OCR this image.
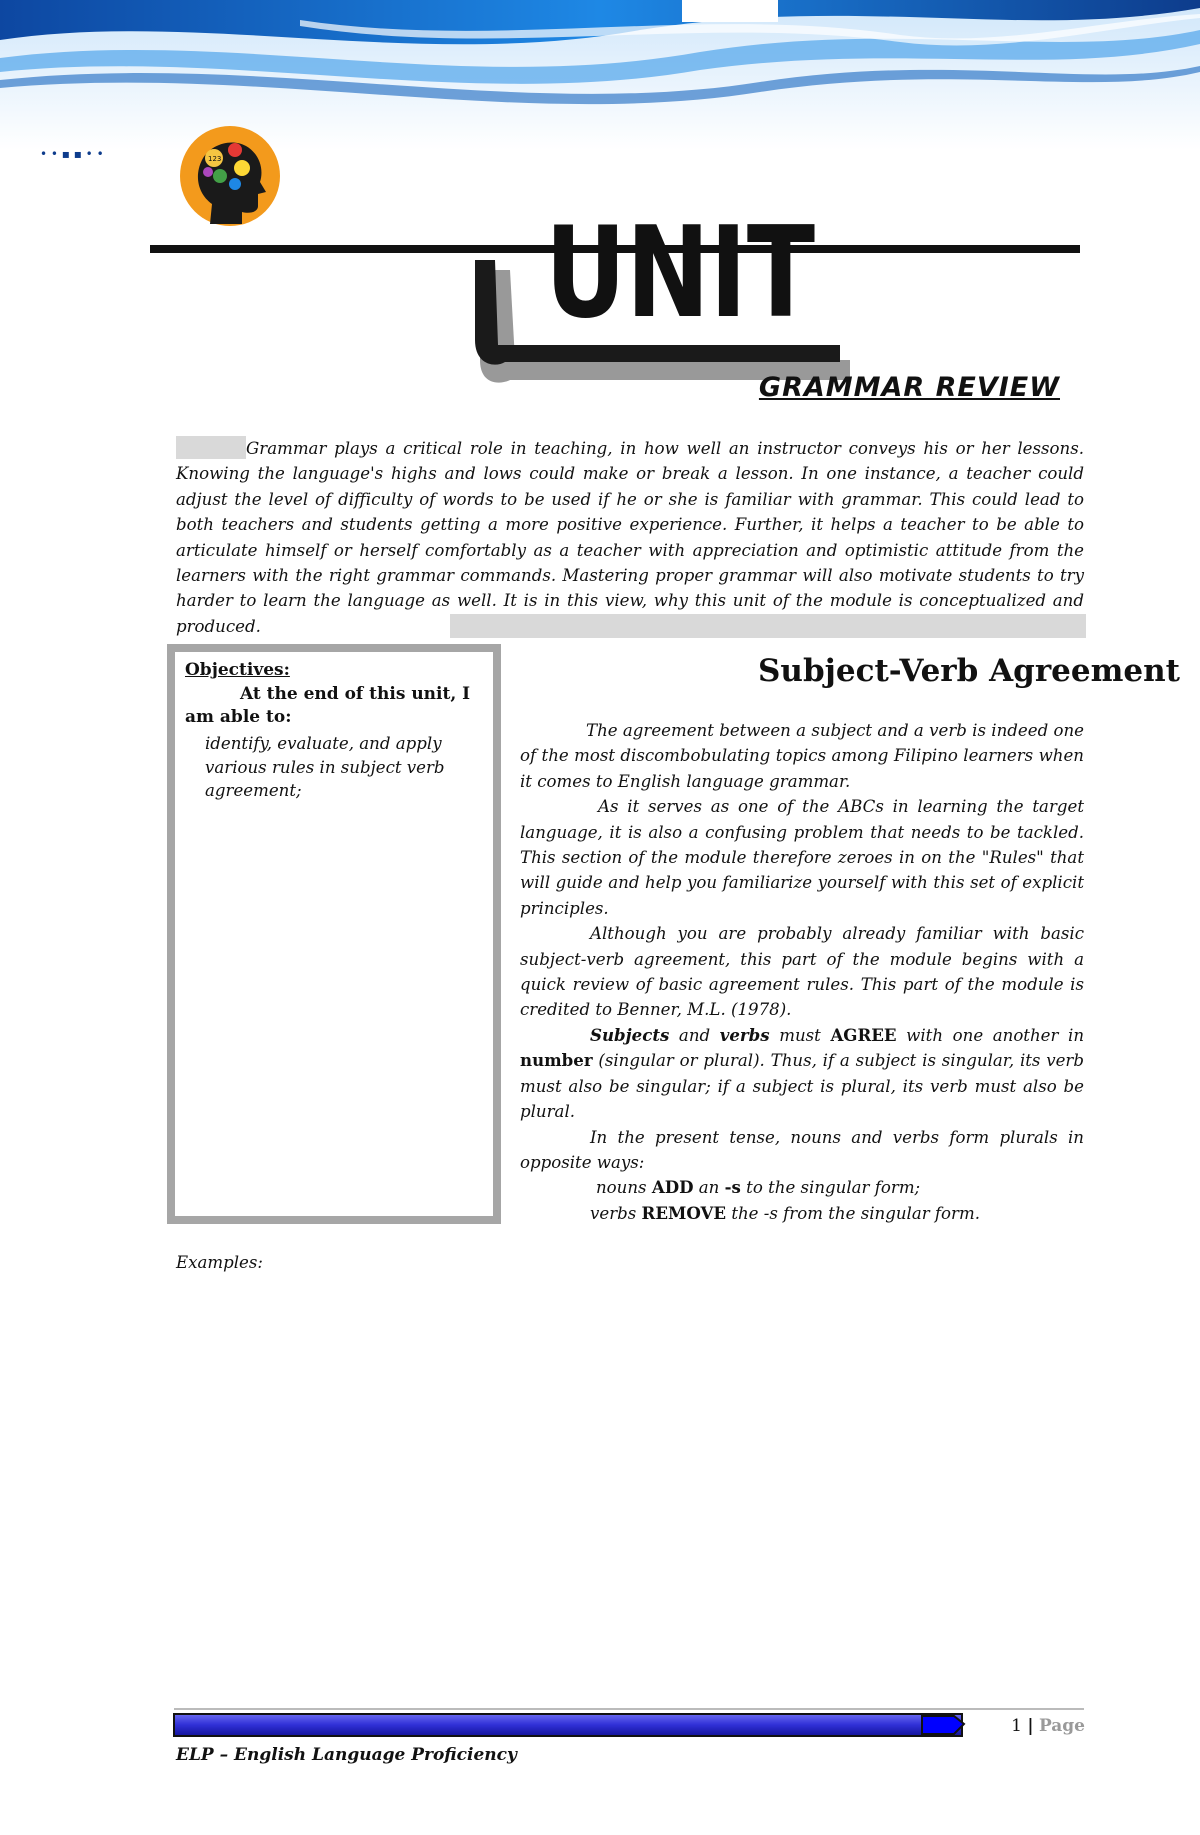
• • ▪ ▪ • •	123
UNIT
GRAMMAR REVIEW

Grammar plays a critical role in teaching, in how well an instructor conveys his or her lessons. Knowing the language's highs and lows could make or break a lesson. In one instance, a teacher could adjust the level of difficulty of words to be used if he or she is familiar with grammar. This could lead to both teachers and students getting a more positive experience. Further, it helps a teacher to be able to articulate himself or herself comfortably as a teacher with appreciation and optimistic attitude from the learners with the right grammar commands. Mastering proper grammar will also motivate students to try harder to learn the language as well. It is in this view, why this unit of the module is conceptualized and produced.

Objectives:
At the end of this unit, I am able to:
identify, evaluate, and apply various rules in subject verb agreement;
Subject-Verb Agreement

The agreement between a subject and a verb is indeed one of the most discombobulating topics among Filipino learners when it comes to English language grammar.

As it serves as one of the ABCs in learning the target language, it is also a confusing problem that needs to be tackled. This section of the module therefore zeroes in on the "Rules" that will guide and help you familiarize yourself with this set of explicit principles.

Although you are probably already familiar with basic subject-verb agreement, this part of the module begins with a quick review of basic agreement rules. This part of the module is credited to Benner, M.L. (1978).

Subjects and verbs must AGREE with one another in number (singular or plural). Thus, if a subject is singular, its verb must also be singular; if a subject is plural, its verb must also be plural.

In the present tense, nouns and verbs form plurals in opposite ways:

nouns ADD an -s to the singular form;

verbs REMOVE the -s from the singular form.

Examples:
1 | Page
ELP – English Language Proficiency
